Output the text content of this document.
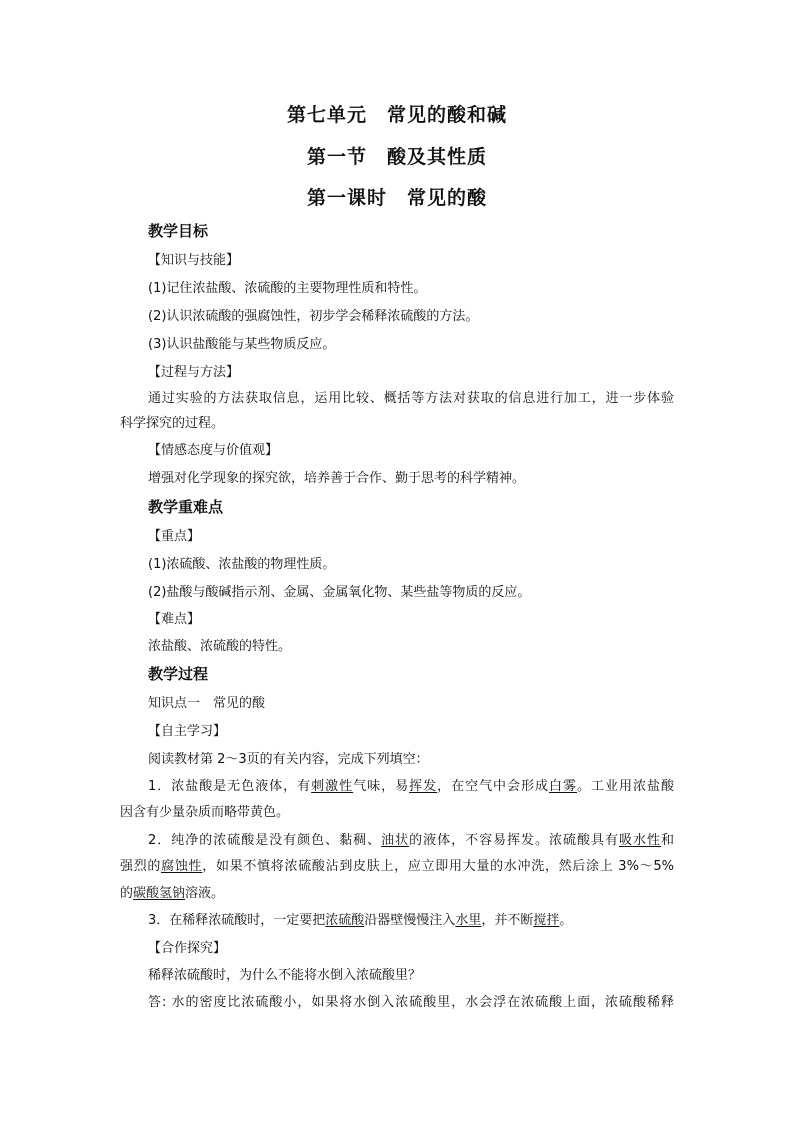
第七单元　常见的酸和碱
第一节　酸及其性质
第一课时　常见的酸
教学目标
【知识与技能】
(1)记住浓盐酸、浓硫酸的主要物理性质和特性。
(2)认识浓硫酸的强腐蚀性，初步学会稀释浓硫酸的方法。
(3)认识盐酸能与某些物质反应。
【过程与方法】
通过实验的方法获取信息，运用比较、概括等方法对获取的信息进行加工，进一步体验
科学探究的过程。
【情感态度与价值观】
增强对化学现象的探究欲，培养善于合作、勤于思考的科学精神。
教学重难点
【重点】
(1)浓硫酸、浓盐酸的物理性质。
(2)盐酸与酸碱指示剂、金属、金属氧化物、某些盐等物质的反应。
【难点】
浓盐酸、浓硫酸的特性。
教学过程
知识点一　常见的酸
【自主学习】
阅读教材第 2～3页的有关内容，完成下列填空：
1．浓盐酸是无色液体，有刺激性气味，易挥发，在空气中会形成白雾。工业用浓盐酸
因含有少量杂质而略带黄色。
2．纯净的浓硫酸是没有颜色、黏稠、油状的液体，不容易挥发。浓硫酸具有吸水性和
强烈的腐蚀性，如果不慎将浓硫酸沾到皮肤上，应立即用大量的水冲洗，然后涂上 3%～5%
的碳酸氢钠溶液。
3．在稀释浓硫酸时，一定要把浓硫酸沿器壁慢慢注入水里，并不断搅拌。
【合作探究】
稀释浓硫酸时，为什么不能将水倒入浓硫酸里？
答: 水的密度比浓硫酸小，如果将水倒入浓硫酸里，水会浮在浓硫酸上面，浓硫酸稀释
